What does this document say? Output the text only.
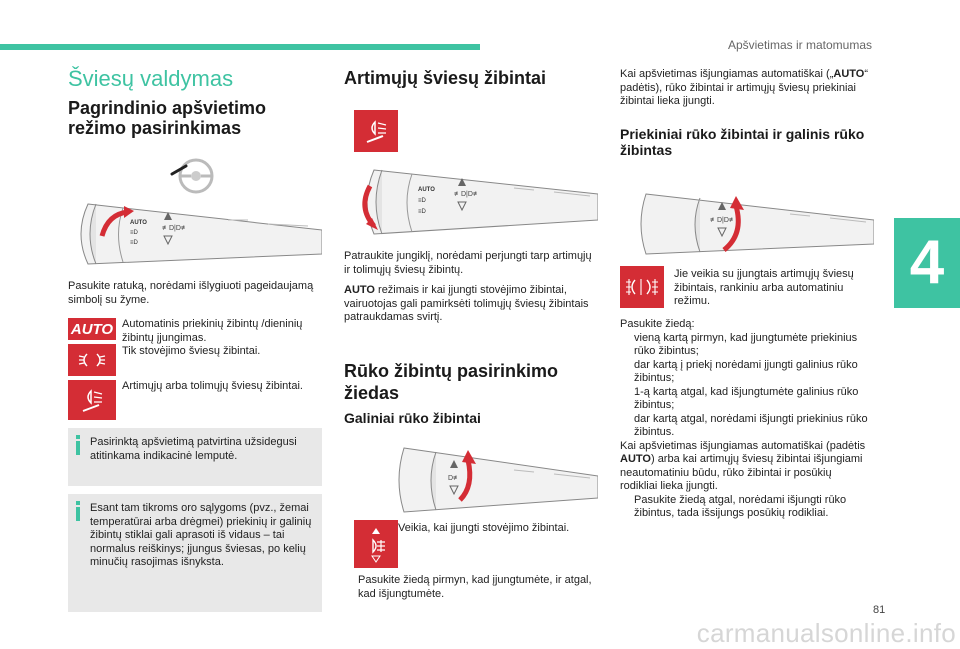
Apšvietimas ir matomumas
4
81
carmanualsonline.info
Šviesų valdymas
Pagrindinio apšvietimo režimo pasirinkimas
AUTO
≡D
≡D
≢D|D≢
Pasukite ratuką, norėdami išlygiuoti pageidaujamą simbolį su žyme.
AUTO Automatinis priekinių žibintų /dieninių žibintų įjungimas.
Tik stovėjimo šviesų žibintai.
Artimųjų arba tolimųjų šviesų žibintai.
Pasirinktą apšvietimą patvirtina užsidegusi atitinkama indikacinė lemputė.
Esant tam tikroms oro sąlygoms (pvz., žemai temperatūrai arba drėgmei) priekinių ir galinių žibintų stiklai gali aprasoti iš vidaus – tai normalus reiškinys; įjungus šviesas, po kelių minučių rasojimas išnyksta.
Artimųjų šviesų žibintai
AUTO
≡D
≡D
≢D|D≢
Patraukite jungiklį, norėdami perjungti tarp artimųjų ir tolimųjų šviesų žibintų.
AUTO režimais ir kai įjungti stovėjimo žibintai, vairuotojas gali pamirksėti tolimųjų šviesų žibintais patraukdamas svirtį.
Rūko žibintų pasirinkimo žiedas
Galiniai rūko žibintai
D≢
Veikia, kai įjungti stovėjimo žibintai.
Pasukite žiedą pirmyn, kad įjungtumėte, ir atgal, kad išjungtumėte.
Kai apšvietimas išjungiamas automatiškai („AUTO“ padėtis), rūko žibintai ir artimųjų šviesų priekiniai žibintai lieka įjungti.
Priekiniai rūko žibintai ir galinis rūko žibintas
≢D|D≢
Jie veikia su įjungtais artimųjų šviesų žibintais, rankiniu arba automatiniu režimu.
Pasukite žiedą:
vieną kartą pirmyn, kad įjungtumėte priekinius rūko žibintus;
dar kartą į priekį norėdami įjungti galinius rūko žibintus;
1-ą kartą atgal, kad išjungtumėte galinius rūko žibintus;
dar kartą atgal, norėdami išjungti priekinius rūko žibintus.
Kai apšvietimas išjungiamas automatiškai (padėtis AUTO) arba kai artimųjų šviesų žibintai išjungiami neautomatiniu būdu, rūko žibintai ir posūkių rodikliai lieka įjungti.
Pasukite žiedą atgal, norėdami išjungti rūko žibintus, tada išsijungs posūkių rodikliai.
